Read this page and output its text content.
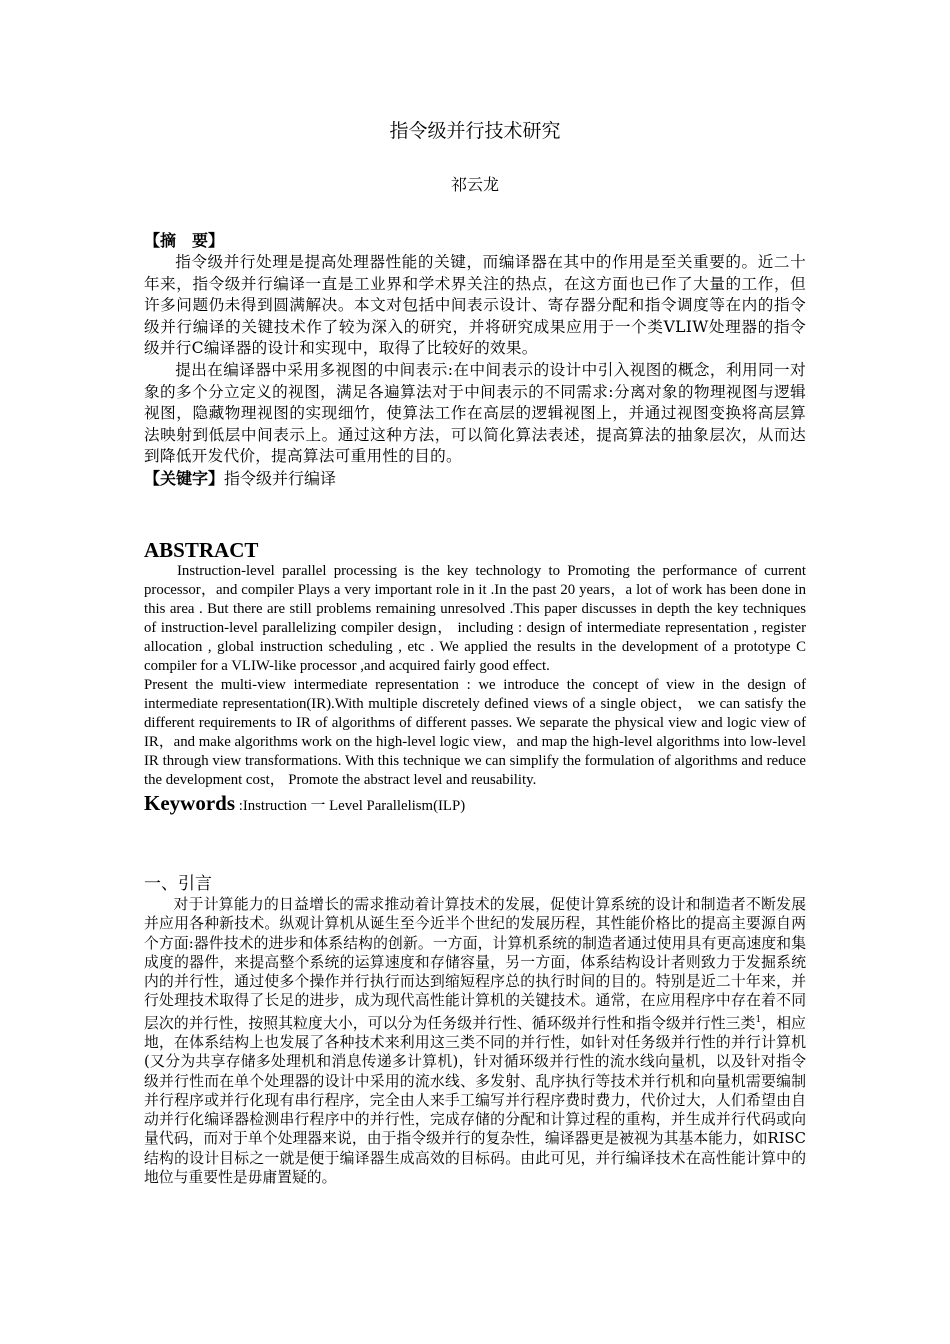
指令级并行技术研究
祁云龙
【摘　要】

指令级并行处理是提高处理器性能的关键，而编译器在其中的作用是至关重要的。近二十年来，指令级并行编译一直是工业界和学术界关注的热点，在这方面也已作了大量的工作，但许多问题仍未得到圆满解决。本文对包括中间表示设计、寄存器分配和指令调度等在内的指令级并行编译的关键技术作了较为深入的研究，并将研究成果应用于一个类VLIW处理器的指令级并行C编译器的设计和实现中，取得了比较好的效果。

提出在编译器中采用多视图的中间表示:在中间表示的设计中引入视图的概念，利用同一对象的多个分立定义的视图，满足各遍算法对于中间表示的不同需求:分离对象的物理视图与逻辑视图，隐藏物理视图的实现细竹，使算法工作在高层的逻辑视图上，并通过视图变换将高层算法映射到低层中间表示上。通过这种方法，可以简化算法表述，提高算法的抽象层次，从而达到降低开发代价，提高算法可重用性的目的。

【关键字】指令级并行编译
ABSTRACT

Instruction-level parallel processing is the key technology to Promoting the performance of current processor，and compiler Plays a very important role in it .In the past 20 years，a lot of work has been done in this area . But there are still problems remaining unresolved .This paper discusses in depth the key techniques of instruction-level parallelizing compiler design， including : design of intermediate representation , register allocation , global instruction scheduling , etc . We applied the results in the development of a prototype C compiler for a VLIW-like processor ,and acquired fairly good effect.

Present the multi-view intermediate representation : we introduce the concept of view in the design of intermediate representation(IR).With multiple discretely defined views of a single object， we can satisfy the different requirements to IR of algorithms of different passes. We separate the physical view and logic view of IR，and make algorithms work on the high-level logic view，and map the high-level algorithms into low-level IR through view transformations. With this technique we can simplify the formulation of algorithms and reduce the development cost， Promote the abstract level and reusability.

Keywords :Instruction 一 Level Parallelism(ILP)
一、引言

对于计算能力的日益增长的需求推动着计算技术的发展，促使计算系统的设计和制造者不断发展并应用各种新技术。纵观计算机从诞生至今近半个世纪的发展历程，其性能价格比的提高主要源自两个方面:器件技术的进步和体系结构的创新。一方面，计算机系统的制造者通过使用具有更高速度和集成度的器件，来提高整个系统的运算速度和存储容量，另一方面，体系结构设计者则致力于发掘系统内的并行性，通过使多个操作并行执行而达到缩短程序总的执行时间的目的。特别是近二十年来，并行处理技术取得了长足的进步，成为现代高性能计算机的关键技术。通常，在应用程序中存在着不同层次的并行性，按照其粒度大小，可以分为任务级并行性、循环级并行性和指令级并行性三类$^1$，相应地，在体系结构上也发展了各种技术来利用这三类不同的并行性，如针对任务级并行性的并行计算机(又分为共享存储多处理机和消息传递多计算机)，针对循环级并行性的流水线向量机，以及针对指令级并行性而在单个处理器的设计中采用的流水线、多发射、乱序执行等技术并行机和向量机需要编制并行程序或并行化现有串行程序，完全由人来手工编写并行程序费时费力，代价过大，人们希望由自动并行化编译器检测串行程序中的并行性，完成存储的分配和计算过程的重构，并生成并行代码或向量代码，而对于单个处理器来说，由于指令级并行的复杂性，编译器更是被视为其基本能力，如RISC结构的设计目标之一就是便于编译器生成高效的目标码。由此可见，并行编译技术在高性能计算中的地位与重要性是毋庸置疑的。
